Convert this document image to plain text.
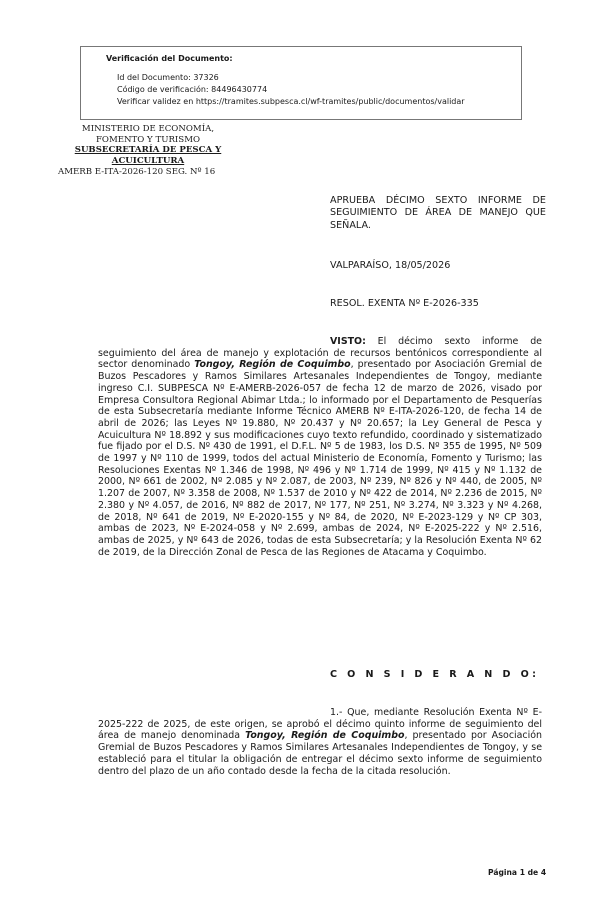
Verificación del Documento:
• Id del Documento: 37326
• Código de verificación: 84496430774
• Verificar validez en https://tramites.subpesca.cl/wf-tramites/public/documentos/validar
MINISTERIO DE ECONOMÍA,
FOMENTO Y TURISMO
SUBSECRETARÍA DE PESCA Y
ACUICULTURA
AMERB E-ITA-2026-120 SEG. Nº 16
APRUEBA DÉCIMO SEXTO INFORME DE SEGUIMIENTO DE ÁREA DE MANEJO QUE SEÑALA.
VALPARAÍSO, 18/05/2026
RESOL. EXENTA Nº E-2026-335

VISTO: El décimo sexto informe de seguimiento del área de manejo y explotación de recursos bentónicos correspondiente al sector denominado Tongoy, Región de Coquimbo, presentado por Asociación Gremial de Buzos Pescadores y Ramos Similares Artesanales Independientes de Tongoy, mediante ingreso C.I. SUBPESCA Nº E-AMERB-2026-057 de fecha 12 de marzo de 2026, visado por Empresa Consultora Regional Abimar Ltda.; lo informado por el Departamento de Pesquerías de esta Subsecretaría mediante Informe Técnico AMERB Nº E-ITA-2026-120, de fecha 14 de abril de 2026; las Leyes Nº 19.880, Nº 20.437 y Nº 20.657; la Ley General de Pesca y Acuicultura Nº 18.892 y sus modificaciones cuyo texto refundido, coordinado y sistematizado fue fijado por el D.S. Nº 430 de 1991, el D.F.L. Nº 5 de 1983, los D.S. Nº 355 de 1995, Nº 509 de 1997 y Nº 110 de 1999, todos del actual Ministerio de Economía, Fomento y Turismo; las Resoluciones Exentas Nº 1.346 de 1998, Nº 496 y Nº 1.714 de 1999, Nº 415 y Nº 1.132 de 2000, Nº 661 de 2002, Nº 2.085 y Nº 2.087, de 2003, Nº 239, Nº 826 y Nº 440, de 2005, Nº 1.207 de 2007, Nº 3.358 de 2008, Nº 1.537 de 2010 y Nº 422 de 2014, Nº 2.236 de 2015, Nº 2.380 y Nº 4.057, de 2016, Nº 882 de 2017, Nº 177, Nº 251, Nº 3.274, Nº 3.323 y Nº 4.268, de 2018, Nº 641 de 2019, Nº E-2020-155 y Nº 84, de 2020, Nº E-2023-129 y Nº CP 303, ambas de 2023, Nº E-2024-058 y Nº 2.699, ambas de 2024, Nº E-2025-222 y Nº 2.516, ambas de 2025, y Nº 643 de 2026, todas de esta Subsecretaría; y la Resolución Exenta Nº 62 de 2019, de la Dirección Zonal de Pesca de las Regiones de Atacama y Coquimbo.

C O N S I D E R A N D O:

1.- Que, mediante Resolución Exenta Nº E-2025-222 de 2025, de este origen, se aprobó el décimo quinto informe de seguimiento del área de manejo denominada Tongoy, Región de Coquimbo, presentado por Asociación Gremial de Buzos Pescadores y Ramos Similares Artesanales Independientes de Tongoy, y se estableció para el titular la obligación de entregar el décimo sexto informe de seguimiento dentro del plazo de un año contado desde la fecha de la citada resolución.

Página 1 de 4
